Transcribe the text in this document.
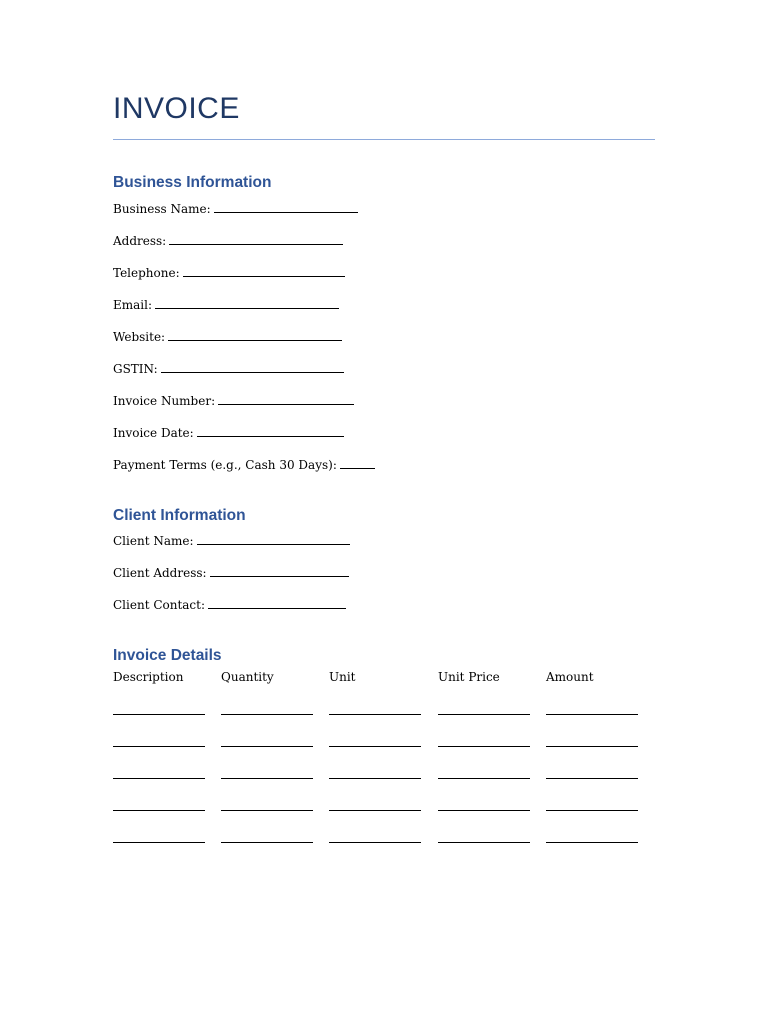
INVOICE
Business Information
Business Name:
Address:
Telephone:
Email:
Website:
GSTIN:
Invoice Number:
Invoice Date:
Payment Terms (e.g., Cash 30 Days):
Client Information
Client Name:
Client Address:
Client Contact:
Invoice Details
Description	Quantity	Unit	Unit Price	Amount
